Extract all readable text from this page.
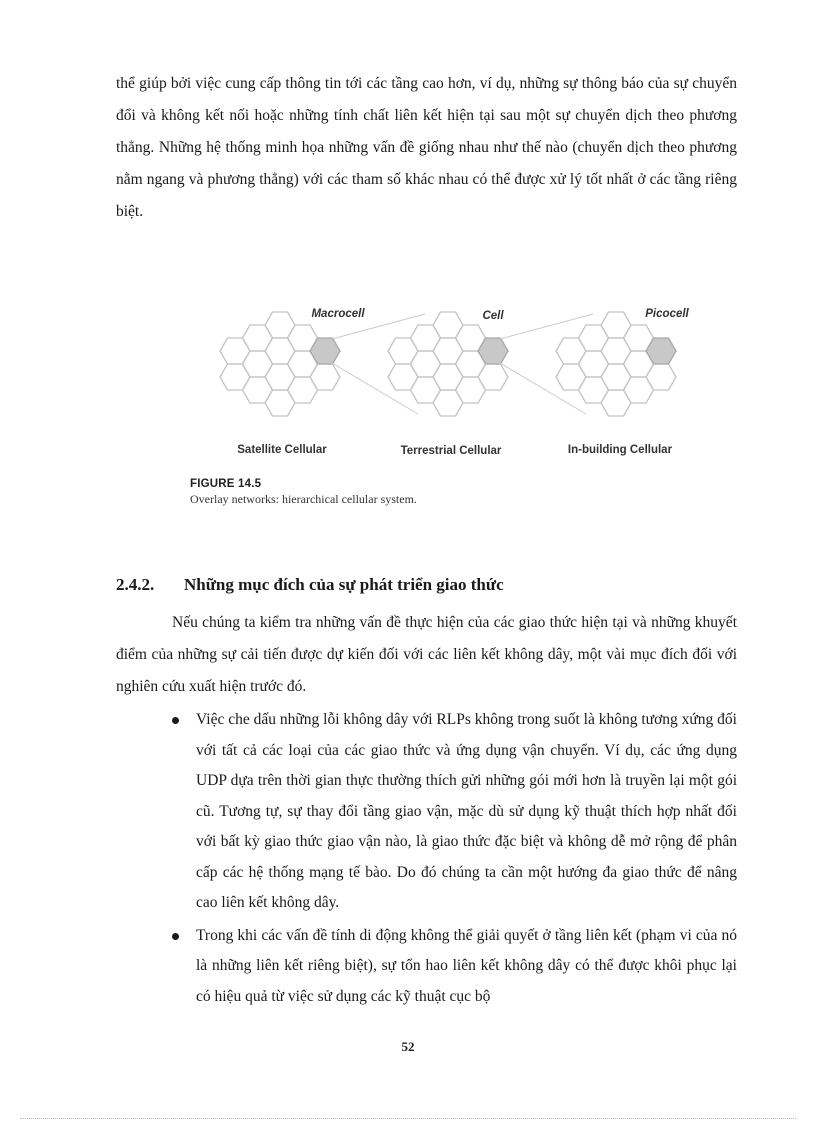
thể giúp bởi việc cung cấp thông tin tới các tầng cao hơn, ví dụ, những sự thông báo của sự chuyển đổi và không kết nối hoặc những tính chất liên kết hiện tại sau một sự chuyển dịch theo phương thẳng. Những hệ thống minh họa những vấn đề giống nhau như thế nào (chuyển dịch theo phương nằm ngang và phương thẳng) với các tham số khác nhau có thể được xử lý tốt nhất ở các tầng riêng biệt.

Macrocell	Cell	Picocell
Satellite Cellular	Terrestrial Cellular	In-building Cellular
FIGURE 14.5
Overlay networks: hierarchical cellular system.
2.4.2. Những mục đích của sự phát triển giao thức

Nếu chúng ta kiểm tra những vấn đề thực hiện của các giao thức hiện tại và những khuyết điểm của những sự cải tiến được dự kiến đối với các liên kết không dây, một vài mục đích đối với nghiên cứu xuất hiện trước đó.

Việc che dấu những lỗi không dây với RLPs không trong suốt là không tương xứng đối với tất cả các loại của các giao thức và ứng dụng vận chuyển. Ví dụ, các ứng dụng UDP dựa trên thời gian thực thường thích gửi những gói mới hơn là truyền lại một gói cũ. Tương tự, sự thay đổi tầng giao vận, mặc dù sử dụng kỹ thuật thích hợp nhất đối với bất kỳ giao thức giao vận nào, là giao thức đặc biệt và không dễ mở rộng để phân cấp các hệ thống mạng tế bào. Do đó chúng ta cần một hướng đa giao thức để nâng cao liên kết không dây.
Trong khi các vấn đề tính di động không thể giải quyết ở tầng liên kết (phạm vi của nó là những liên kết riêng biệt), sự tổn hao liên kết không dây có thể được khôi phục lại có hiệu quả từ việc sử dụng các kỹ thuật cục bộ
52
